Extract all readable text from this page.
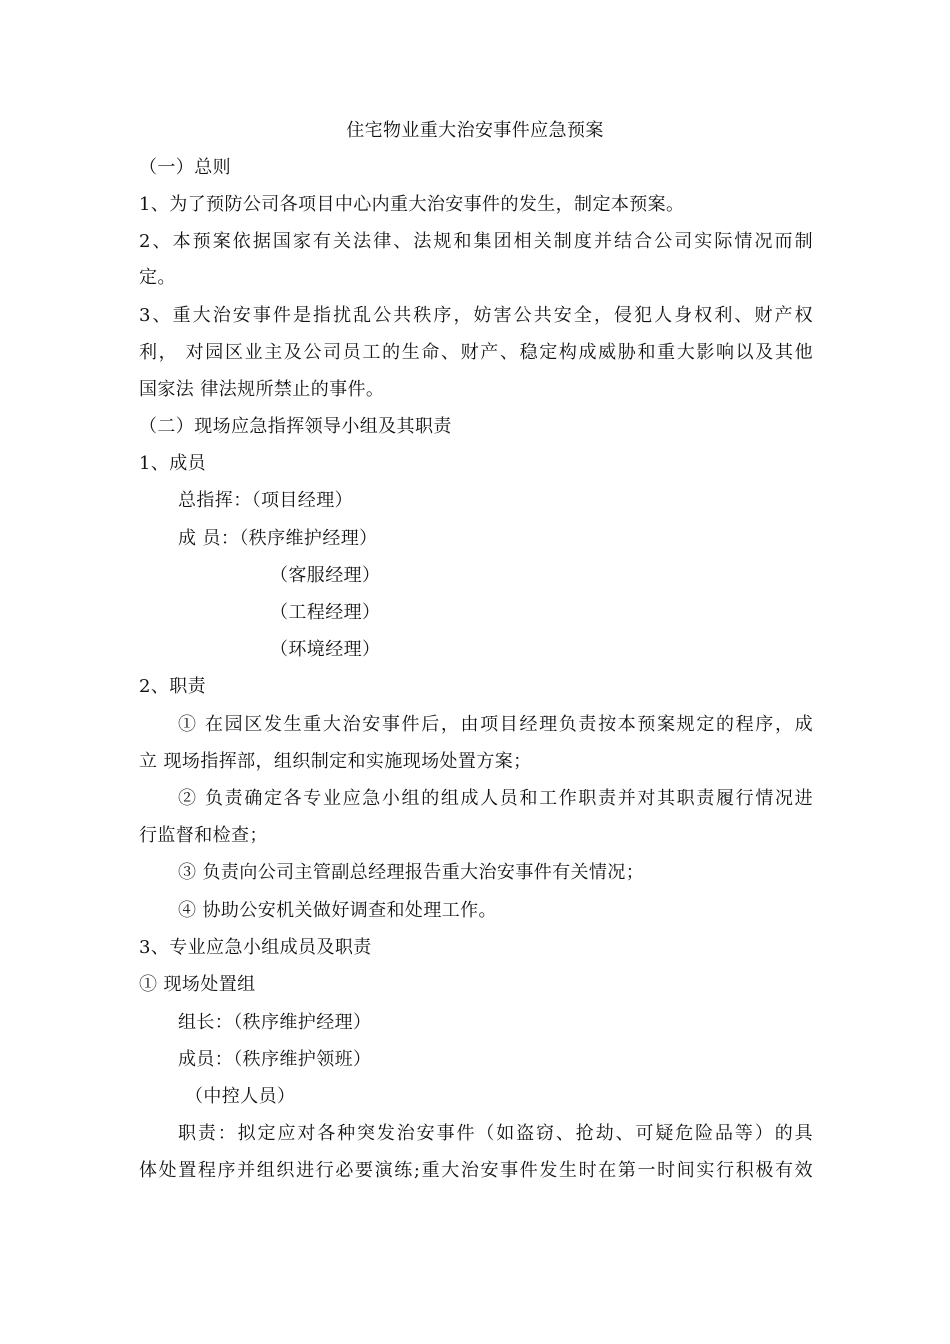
住宅物业重大治安事件应急预案
（一）总则
1、为了预防公司各项目中心内重大治安事件的发生，制定本预案。
2、本预案依据国家有关法律、法规和集团相关制度并结合公司实际情况而制
定。
3、重大治安事件是指扰乱公共秩序，妨害公共安全，侵犯人身权利、财产权
利， 对园区业主及公司员工的生命、财产、稳定构成威胁和重大影响以及其他
国家法 律法规所禁止的事件。
（二）现场应急指挥领导小组及其职责
1、成员
总指挥：（项目经理）
成 员：（秩序维护经理）
（客服经理）
（工程经理）
（环境经理）
2、职责
① 在园区发生重大治安事件后，由项目经理负责按本预案规定的程序，成
立 现场指挥部，组织制定和实施现场处置方案；
② 负责确定各专业应急小组的组成人员和工作职责并对其职责履行情况进
行监督和检查；
③ 负责向公司主管副总经理报告重大治安事件有关情况；
④ 协助公安机关做好调查和处理工作。
3、专业应急小组成员及职责
① 现场处置组
组长：（秩序维护经理）
成员：（秩序维护领班）
（中控人员）
职责：拟定应对各种突发治安事件（如盗窃、抢劫、可疑危险品等）的具
体处置程序并组织进行必要演练;重大治安事件发生时在第一时间实行积极有效
